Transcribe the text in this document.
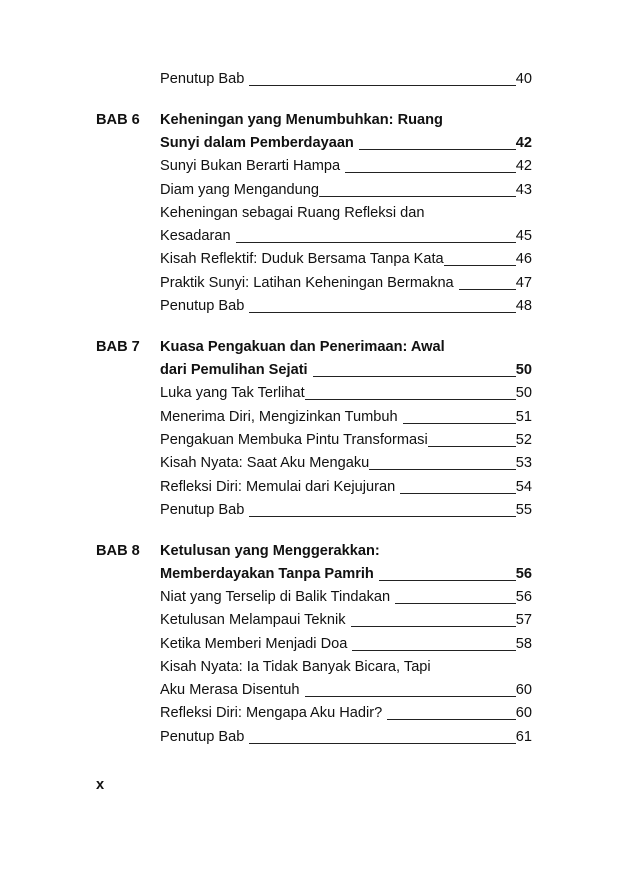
Penutup Bab	40
BAB 6 Keheningan yang Menumbuhkan: Ruang
Sunyi dalam Pemberdayaan	42
Sunyi Bukan Berarti Hampa	42
Diam yang Mengandung	43
Keheningan sebagai Ruang Refleksi dan
Kesadaran	45
Kisah Reflektif: Duduk Bersama Tanpa Kata	46
Praktik Sunyi: Latihan Keheningan Bermakna	47
Penutup Bab	48
BAB 7 Kuasa Pengakuan dan Penerimaan: Awal
dari Pemulihan Sejati	50
Luka yang Tak Terlihat	50
Menerima Diri, Mengizinkan Tumbuh	51
Pengakuan Membuka Pintu Transformasi	52
Kisah Nyata: Saat Aku Mengaku	53
Refleksi Diri: Memulai dari Kejujuran	54
Penutup Bab	55
BAB 8 Ketulusan yang Menggerakkan:
Memberdayakan Tanpa Pamrih	56
Niat yang Terselip di Balik Tindakan	56
Ketulusan Melampaui Teknik	57
Ketika Memberi Menjadi Doa	58
Kisah Nyata: Ia Tidak Banyak Bicara, Tapi
Aku Merasa Disentuh	60
Refleksi Diri: Mengapa Aku Hadir?	60
Penutup Bab	61
x
